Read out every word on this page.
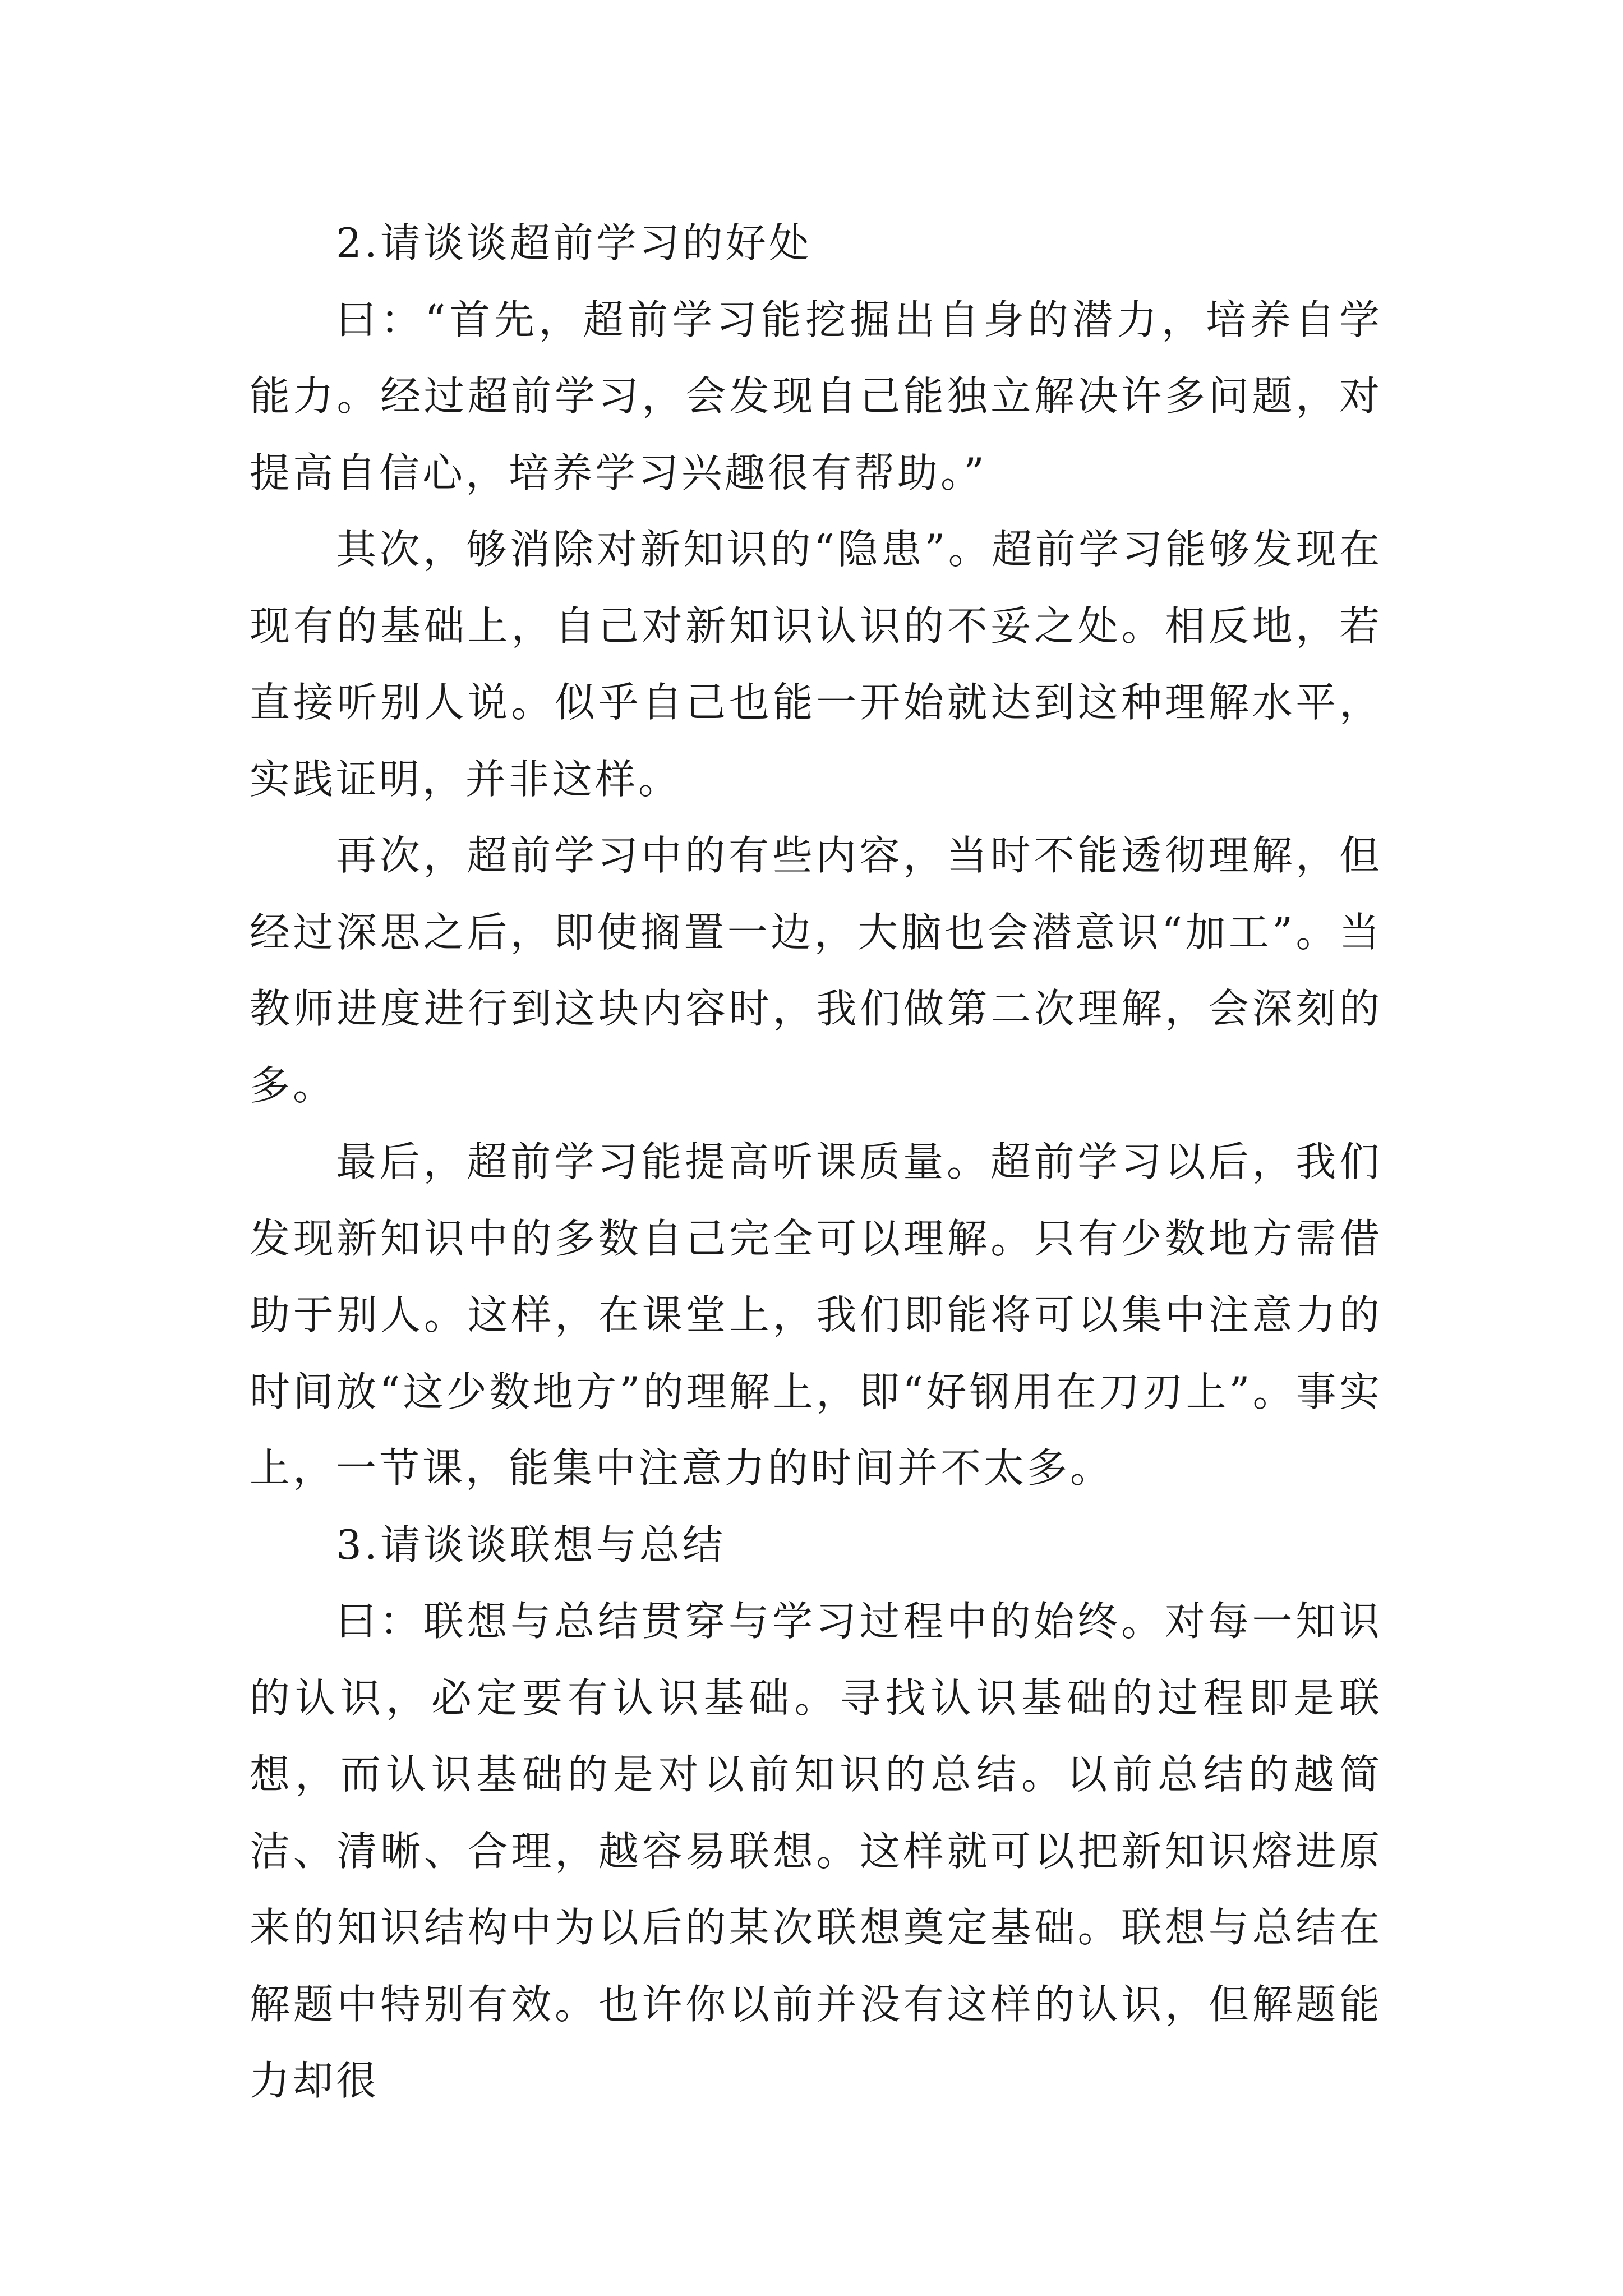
2.请谈谈超前学习的好处

曰：“首先，超前学习能挖掘出自身的潜力，培养自学能力。经过超前学习，会发现自己能独立解决许多问题，对提高自信心，培养学习兴趣很有帮助。”

其次，够消除对新知识的“隐患”。超前学习能够发现在现有的基础上，自己对新知识认识的不妥之处。相反地，若直接听别人说。似乎自己也能一开始就达到这种理解水平，实践证明，并非这样。

再次，超前学习中的有些内容，当时不能透彻理解，但经过深思之后，即使搁置一边，大脑也会潜意识“加工”。当教师进度进行到这块内容时，我们做第二次理解，会深刻的多。

最后，超前学习能提高听课质量。超前学习以后，我们发现新知识中的多数自己完全可以理解。只有少数地方需借助于别人。这样，在课堂上，我们即能将可以集中注意力的时间放“这少数地方”的理解上，即“好钢用在刀刃上”。事实上，一节课，能集中注意力的时间并不太多。

3.请谈谈联想与总结

曰：联想与总结贯穿与学习过程中的始终。对每一知识的认识，必定要有认识基础。寻找认识基础的过程即是联想，而认识基础的是对以前知识的总结。以前总结的越简洁、清晰、合理，越容易联想。这样就可以把新知识熔进原来的知识结构中为以后的某次联想奠定基础。联想与总结在解题中特别有效。也许你以前并没有这样的认识，但解题能力却很
